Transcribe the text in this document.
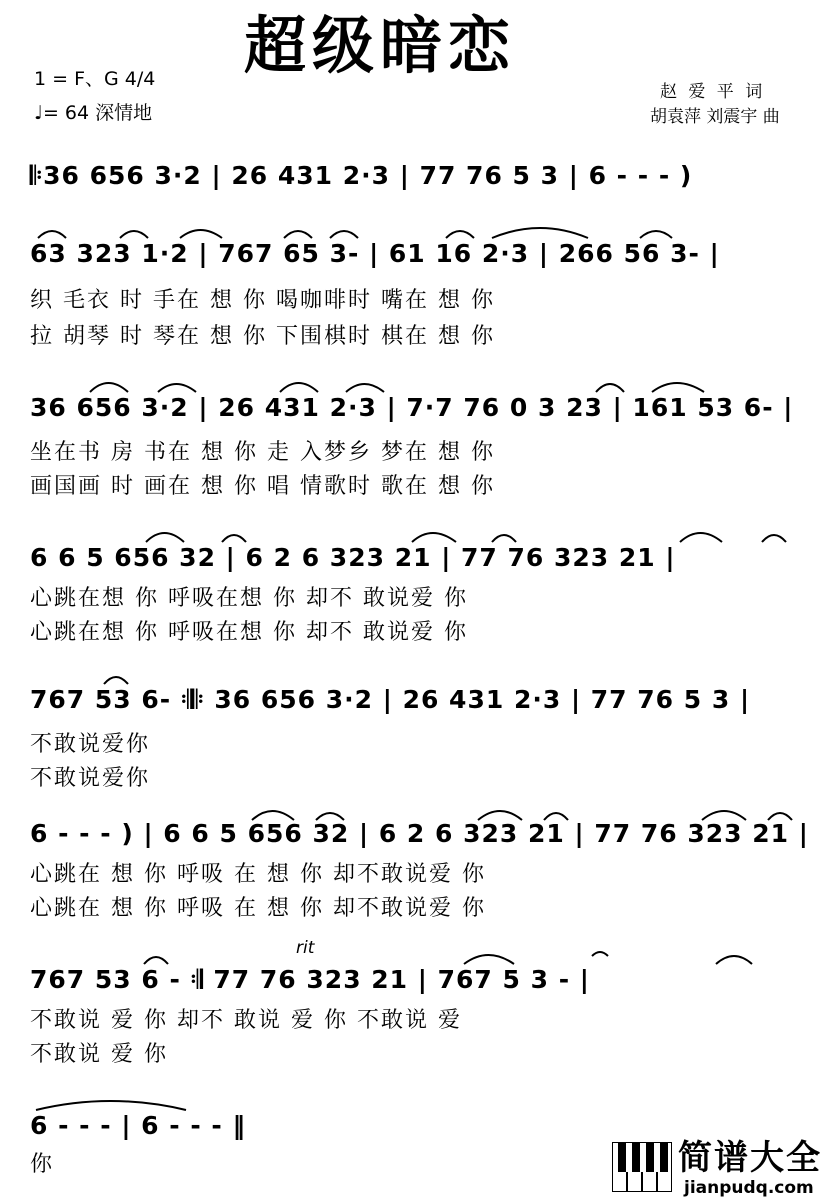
超级暗恋
1 = F、G 4/4
♩= 64 深情地
赵 爱 平 词
胡袁萍 刘震宇 曲
𝄆36 656 3·2 | 26 431 2·3 | 77 76 5 3 | 6 - - - )
63 323 1·2 | 767 65 3- | 61 16 2·3 | 266 56 3- |
织 毛衣 时 手在 想 你 喝咖啡时 嘴在 想 你
拉 胡琴 时 琴在 想 你 下围棋时 棋在 想 你
36 656 3·2 | 26 431 2·3 | 7·7 76 0 3 23 | 161 53 6- |
坐在书 房 书在 想 你 走 入梦乡 梦在 想 你
画国画 时 画在 想 你 唱 情歌时 歌在 想 你
6 6 5 656 32 | 6 2 6 323 21 | 77 76 323 21 |
心跳在想 你 呼吸在想 你 却不 敢说爱 你
心跳在想 你 呼吸在想 你 却不 敢说爱 你
767 53 6- 𝄇𝄆 36 656 3·2 | 26 431 2·3 | 77 76 5 3 |
不敢说爱你
不敢说爱你
6 - - - ) | 6 6 5 656 32 | 6 2 6 323 21 | 77 76 323 21 |
心跳在 想 你 呼吸 在 想 你 却不敢说爱 你
心跳在 想 你 呼吸 在 想 你 却不敢说爱 你
rit
767 53 6 - 𝄇 77 76 323 21 | 767 5 3 - |
不敢说 爱 你 却不 敢说 爱 你 不敢说 爱
不敢说 爱 你
6 - - - | 6 - - - ‖
你	简谱大全
jianpudq.com
